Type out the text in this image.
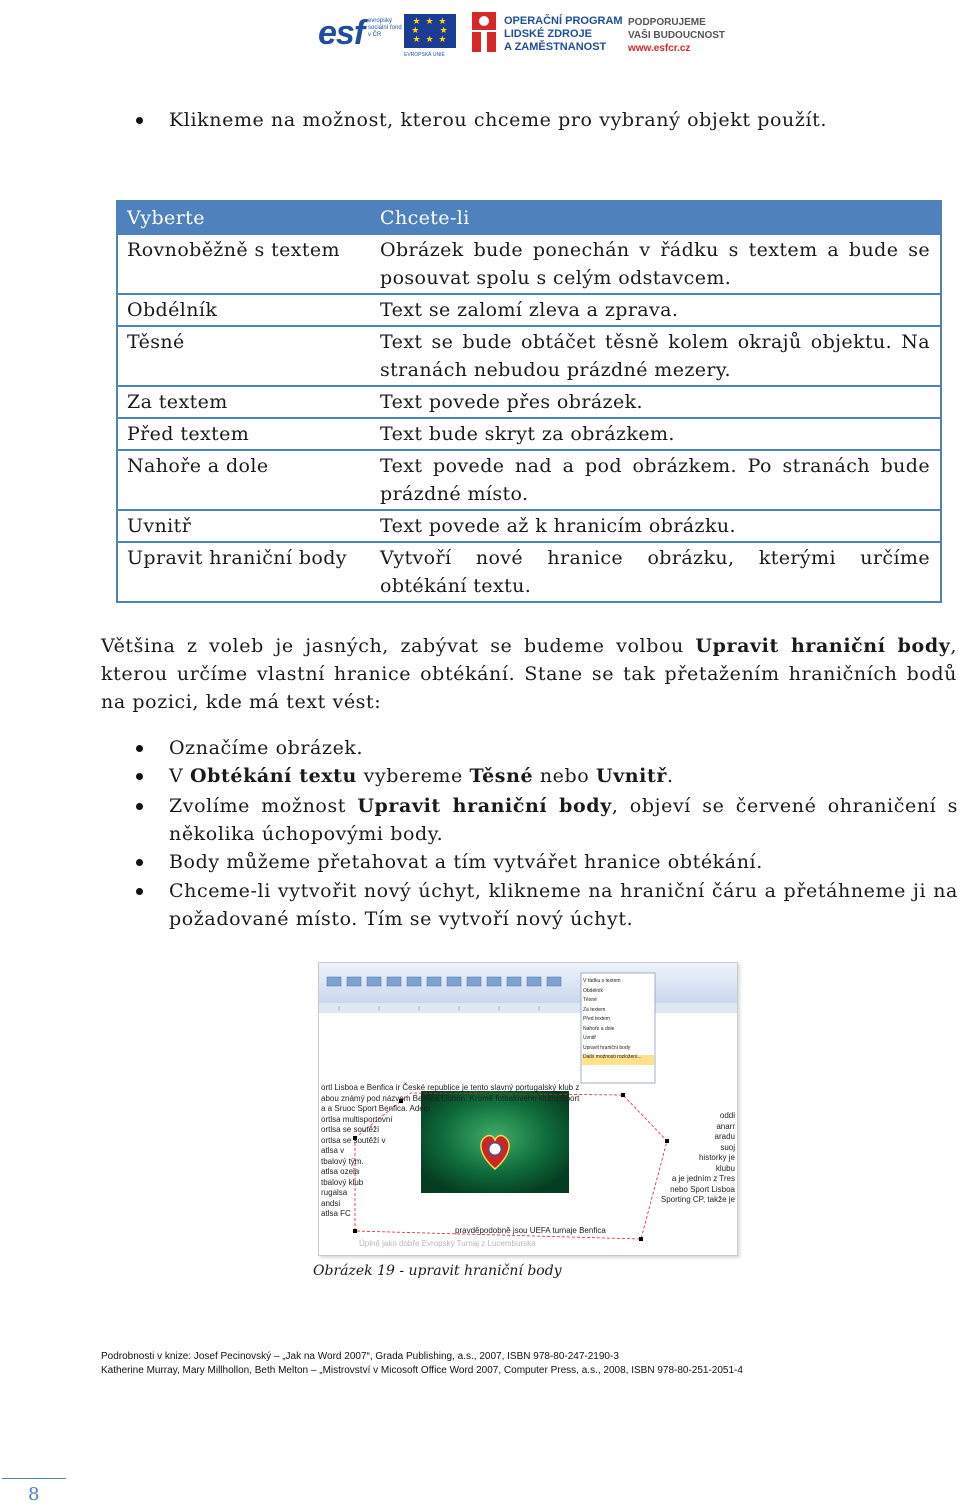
esf evropský sociální fond v ČR
★ ★ ★
★     ★
★ ★ ★
EVROPSKÁ UNIE
OPERAČNÍ PROGRAM
LIDSKÉ ZDROJE
A ZAMĚSTNANOST
PODPORUJEME
VAŠI BUDOUCNOST
www.esfcr.cz
Klikneme na možnost, kterou chceme pro vybraný objekt použít.
Vyberte	Chcete-li
Rovnoběžně s textem	Obrázek bude ponechán v řádku s textem a bude se posouvat spolu s celým odstavcem.
Obdélník	Text se zalomí zleva a zprava.
Těsné	Text se bude obtáčet těsně kolem okrajů objektu. Na stranách nebudou prázdné mezery.
Za textem	Text povede přes obrázek.
Před textem	Text bude skryt za obrázkem.
Nahoře a dole	Text povede nad a pod obrázkem. Po stranách bude prázdné místo.
Uvnitř	Text povede až k hranicím obrázku.
Upravit hraniční body	Vytvoří nové hranice obrázku, kterými určíme obtékání textu.
Většina z voleb je jasných, zabývat se budeme volbou Upravit hraniční body, kterou určíme vlastní hranice obtékání. Stane se tak přetažením hraničních bodů na pozici, kde má text vést:
Označíme obrázek.
V Obtékání textu vybereme Těsné nebo Uvnitř.
Zvolíme možnost Upravit hraniční body, objeví se červené ohraničení s několika úchopovými body.
Body můžeme přetahovat a tím vytvářet hranice obtékání.
Chceme-li vytvořit nový úchyt, klikneme na hraniční čáru a přetáhneme ji na požadované místo. Tím se vytvoří nový úchyt.
ortl Lisboa e Benfica ir České republice je tento slavný portugalský klub z
abou známý pod názvem Benfica Lisbon. Kromě fotbalového klubu Sport
a a Sruoc Sport Benfica. Adeip
ortlsa multisportovní
ortlsa se soutěží
ortlsa se soutěží v
atlsa v
tbalový tým.
atlsa ozeia
tbalový klub
rugalsa
andsi
atlsa FC
oddi
anarr
aradu
suoj
historky je
klubu
a je jedním z Tres
nebo Sport Lisboa
Sporting CP, takže je
pravděpodobně jsou UEFA turnaje Benfica
Úplně jako dobře Evropský Turnaj z Lucemburska
V řádku s textem
Obdélník
Těsné
Za textem
Před textem
Nahoře a dole
Uvnitř
Upravit hraniční body
Další možnosti rozložení...
Obrázek 19 - upravit hraniční body
Podrobnosti v knize: Josef Pecinovský – „Jak na Word 2007“, Grada Publishing, a.s., 2007, ISBN 978-80-247-2190-3
Katherine Murray, Mary Millhollon, Beth Melton – „Mistrovství v Micosoft Office Word 2007, Computer Press, a.s., 2008, ISBN 978-80-251-2051-4
8
